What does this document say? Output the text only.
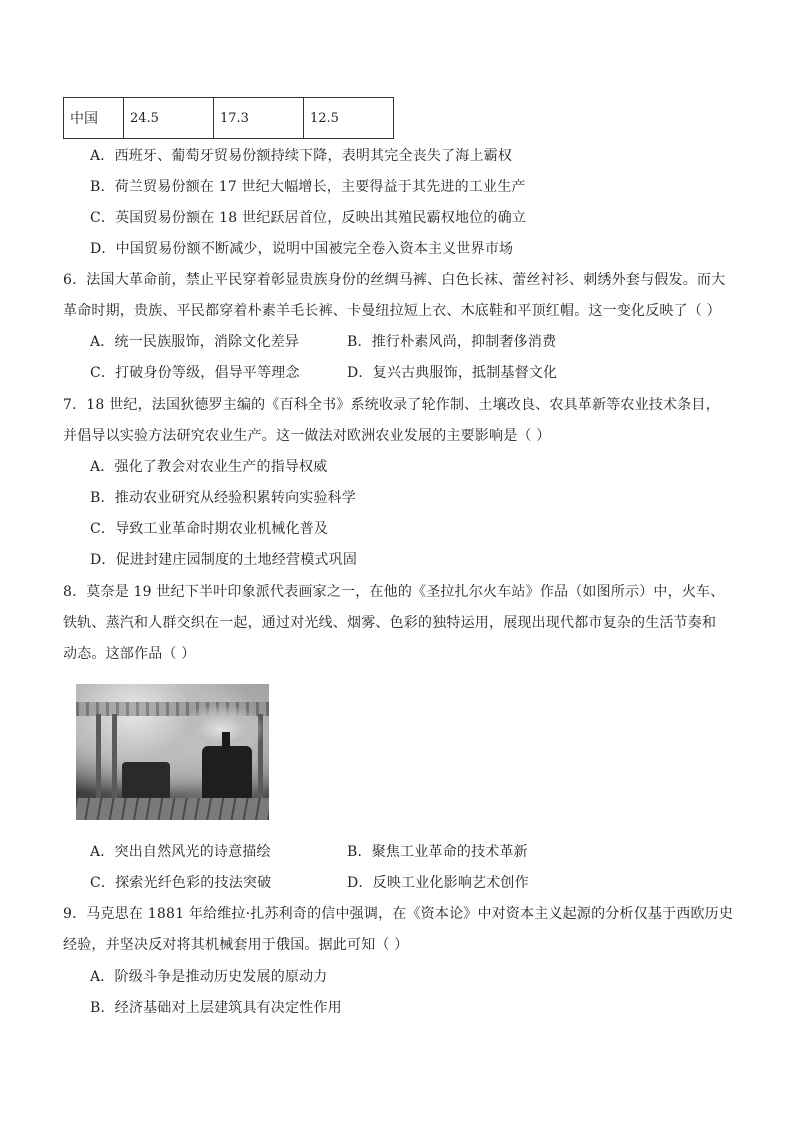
中国	24.5	17.3	12.5
A．西班牙、葡萄牙贸易份额持续下降，表明其完全丧失了海上霸权
B．荷兰贸易份额在 17 世纪大幅增长，主要得益于其先进的工业生产
C．英国贸易份额在 18 世纪跃居首位，反映出其殖民霸权地位的确立
D．中国贸易份额不断减少，说明中国被完全卷入资本主义世界市场
6．法国大革命前，禁止平民穿着彰显贵族身份的丝绸马裤、白色长袜、蕾丝衬衫、刺绣外套与假发。而大
革命时期，贵族、平民都穿着朴素羊毛长裤、卡曼纽拉短上衣、木底鞋和平顶红帽。这一变化反映了（ ）
A．统一民族服饰，消除文化差异	B．推行朴素风尚，抑制奢侈消费
C．打破身份等级，倡导平等理念	D．复兴古典服饰，抵制基督文化
7．18 世纪，法国狄德罗主编的《百科全书》系统收录了轮作制、土壤改良、农具革新等农业技术条目，
并倡导以实验方法研究农业生产。这一做法对欧洲农业发展的主要影响是（ ）
A．强化了教会对农业生产的指导权威
B．推动农业研究从经验积累转向实验科学
C．导致工业革命时期农业机械化普及
D．促进封建庄园制度的土地经营模式巩固
8．莫奈是 19 世纪下半叶印象派代表画家之一，在他的《圣拉扎尔火车站》作品（如图所示）中，火车、
铁轨、蒸汽和人群交织在一起，通过对光线、烟雾、色彩的独特运用，展现出现代都市复杂的生活节奏和
动态。这部作品（ ）
A．突出自然风光的诗意描绘	B．聚焦工业革命的技术革新
C．探索光纤色彩的技法突破	D．反映工业化影响艺术创作
9．马克思在 1881 年给维拉·扎苏利奇的信中强调，在《资本论》中对资本主义起源的分析仅基于西欧历史
经验，并坚决反对将其机械套用于俄国。据此可知（ ）
A．阶级斗争是推动历史发展的原动力
B．经济基础对上层建筑具有决定性作用
